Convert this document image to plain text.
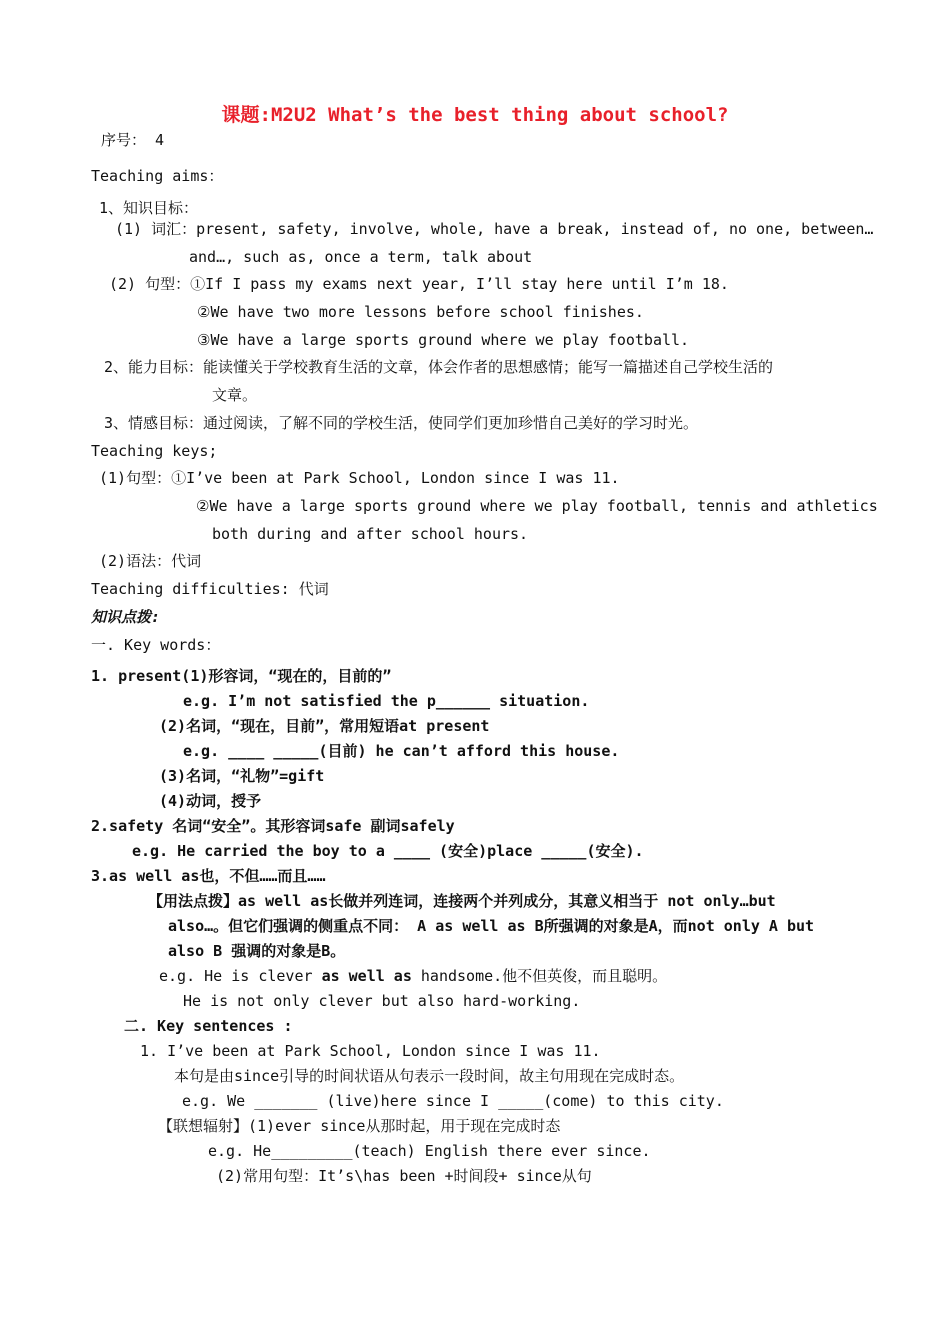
课题:M2U2 What’s the best thing about school?
序号： 4
Teaching aims：
1、知识目标：
(1) 词汇：present, safety, involve, whole, have a break, instead of, no one, between…
and…, such as, once a term, talk about
(2) 句型：①If I pass my exams next year, I’ll stay here until I’m 18.
②We have two more lessons before school finishes.
③We have a large sports ground where we play football.
2、能力目标：能读懂关于学校教育生活的文章，体会作者的思想感情；能写一篇描述自己学校生活的
文章。
3、情感目标：通过阅读，了解不同的学校生活，使同学们更加珍惜自己美好的学习时光。
Teaching keys;
(1)句型：①I’ve been at Park School, London since I was 11.
②We have a large sports ground where we play football, tennis and athletics
both during and after school hours.
(2)语法：代词
Teaching difficulties: 代词
知识点拨:
一. Key words：
1. present(1)形容词，“现在的，目前的”
e.g. I’m not satisfied the p______ situation.
(2)名词，“现在，目前”，常用短语at present
e.g. ____ _____(目前) he can’t afford this house.
(3)名词，“礼物”=gift
(4)动词，授予
2.safety 名词“安全”。其形容词safe 副词safely
e.g. He carried the boy to a ____ (安全)place _____(安全).
3.as well as也，不但……而且……
【用法点拨】as well as长做并列连词，连接两个并列成分，其意义相当于 not only…but
also…。但它们强调的侧重点不同： A as well as B所强调的对象是A，而not only A but
also B 强调的对象是B。
e.g. He is clever as well as handsome.他不但英俊，而且聪明。
He is not only clever but also hard-working.
二. Key sentences :
1. I’ve been at Park School, London since I was 11.
本句是由since引导的时间状语从句表示一段时间，故主句用现在完成时态。
e.g. We _______ (live)here since I _____(come) to this city.
【联想辐射】(1)ever since从那时起，用于现在完成时态
e.g. He_________(teach) English there ever since.
(2)常用句型：It’s\has been +时间段+ since从句
